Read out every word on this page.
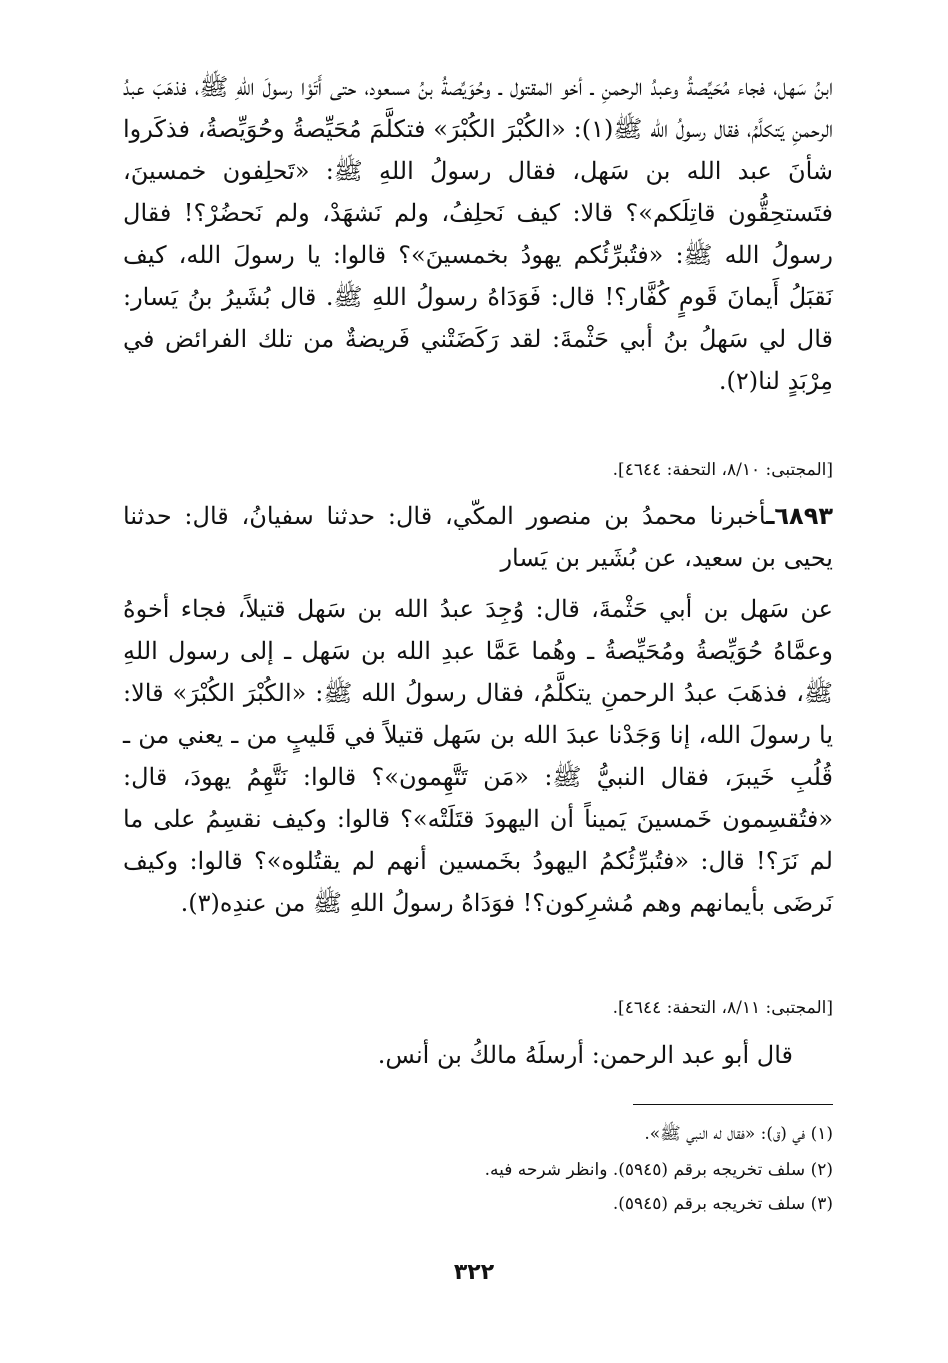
ابنُ سَهل، فجاء مُحَيِّصةُ وعبدُ الرحمنِ ـ أخو المقتول ـ وحُوَيِّصةُ بنُ مسعود، حتى أَتَوْا رسولَ اللهِ ﷺ، فذهَبَ عبدُ الرحمنِ يَتكلَّمُ، فقال رسولُ الله ﷺ(١): «الكُبْرَ الكُبْرَ» فتكلَّمَ مُحَيِّصةُ وحُوَيِّصةُ، فذكَروا شأنَ عبد الله بن سَهل، فقال رسولُ اللهِ ﷺ: «تَحلِفون خمسينَ، فتَستحِقُّون قاتِلَكم»؟ قالا: كيف نَحلِفُ، ولم نَشهَدْ، ولم نَحضُرْ؟! فقال رسولُ الله ﷺ: «فتُبرِّئُكم يهودُ بخمسينَ»؟ قالوا: يا رسولَ الله، كيف نَقبَلُ أَيمانَ قَومٍ كُفَّار؟! قال: فَوَدَاهُ رسولُ اللهِ ﷺ. قال بُشَيرُ بنُ يَسار: قال لي سَهلُ بنُ أبي حَثْمةَ: لقد رَكَضَتْني فَريضةٌ من تلك الفرائض في مِرْبَدٍ لنا(٢).

[المجتبى: ٨/١٠، التحفة: ٤٦٤٤].

٦٨٩٣ـأخبرنا محمدُ بن منصور المكّي، قال: حدثنا سفيانُ، قال: حدثنا يحيى بن سعيد، عن بُشَير بن يَسار

عن سَهل بن أبي حَثْمةَ، قال: وُجِدَ عبدُ الله بن سَهل قتيلاً، فجاء أخوهُ وعمَّاهُ حُوَيِّصةُ ومُحَيِّصةُ ـ وهُما عَمَّا عبدِ الله بن سَهل ـ إلى رسول اللهِ ﷺ، فذهَبَ عبدُ الرحمنِ يتكلَّمُ، فقال رسولُ الله ﷺ: «الكُبْرَ الكُبْرَ» قالا: يا رسولَ الله، إنا وَجَدْنا عبدَ الله بن سَهل قتيلاً في قَليبٍ من ـ يعني من ـ قُلُبِ خَيبرَ، فقال النبيُّ ﷺ: «مَن تَتَّهِمون»؟ قالوا: نَتَّهِمُ يهودَ، قال: «فتُقسِمون خَمسينَ يَميناً أن اليهودَ قتَلَتْه»؟ قالوا: وكيف نقسِمُ على ما لم نَرَ؟! قال: «فتُبرِّئُكمُ اليهودُ بخَمسين أنهم لم يقتُلوه»؟ قالوا: وكيف نَرضَى بأيمانهم وهم مُشرِكون؟! فوَدَاهُ رسولُ اللهِ ﷺ من عندِه(٣).

[المجتبى: ٨/١١، التحفة: ٤٦٤٤].

قال أبو عبد الرحمن: أرسلَهُ مالكُ بن أنس.

(١) في (ق): «فقال له النبي ﷺ».

(٢) سلف تخريجه برقم (٥٩٤٥). وانظر شرحه فيه.

(٣) سلف تخريجه برقم (٥٩٤٥).

٣٢٢
